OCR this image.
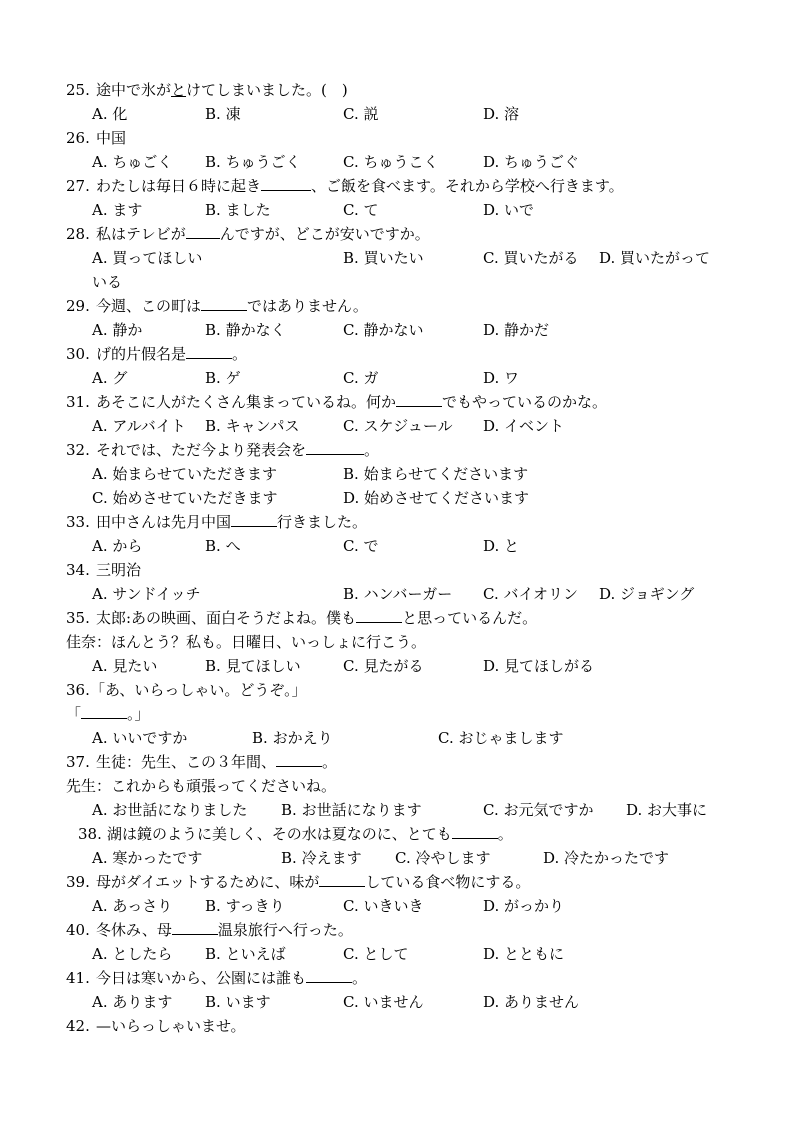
25. 途中で氷がとけてしまいました。(　)
A. 化	B. 凍	C. 説	D. 溶
26. 中国
A. ちゅごく B. ちゅうごく	C. ちゅうこく	D. ちゅうごぐ
27. わたしは毎日６時に起き	、ご飯を食べます。それから学校へ行きます。
A. ます	B. ました	C. て	D. いで
28. 私はテレビが んですが、どこが安いですか。
A. 買ってほしい	B. 買いたい	C. 買いたがる D. 買いたがって
いる
29. 今週、この町は	ではありません。
A. 静か	B. 静かなく	C. 静かない	D. 静かだ
30. げ的片假名是	。
A. グ	B. ゲ	C. ガ	D. ワ
31. あそこに人がたくさん集まっているね。何か	でもやっているのかな。
A. アルバイト B. キャンパス	C. スケジュール D. イベント
32. それでは、ただ今より発表会を	。
A. 始まらせていただきます	B. 始まらせてくださいます
C. 始めさせていただきます	D. 始めさせてくださいます
33. 田中さんは先月中国	行きました。
A. から	B. へ	C. で	D. と
34. 三明治
A. サンドイッチ	B. ハンバーガー C. バイオリン D. ジョギング
35. 太郎:あの映画、面白そうだよね。僕も	と思っているんだ。
佳奈：ほんとう？私も。日曜日、いっしょに行こう。
A. 見たい	B. 見てほしい	C. 見たがる	D. 見てほしがる
36. 「あ、いらっしゃい。どうぞ。」
「	。」
A. いいですか	B. おかえり	C. おじゃまします
37. 生徒：先生、この３年間、	。
先生：これからも頑張ってくださいね。
A. お世話になりました B. お世話になります	C. お元気ですか D. お大事に
38. 湖は鏡のように美しく、その水は夏なのに、とても	。
A. 寒かったです	B. 冷えます C. 冷やします	D. 冷たかったです
39. 母がダイエットするために、味が	している食べ物にする。
A. あっさり B. すっきり	C. いきいき	D. がっかり
40. 冬休み、母	温泉旅行へ行った。
A. としたら B. といえば	C. として	D. とともに
41. 今日は寒いから、公園には誰も	。
A. あります B. います	C. いません	D. ありません
42. —いらっしゃいませ。
